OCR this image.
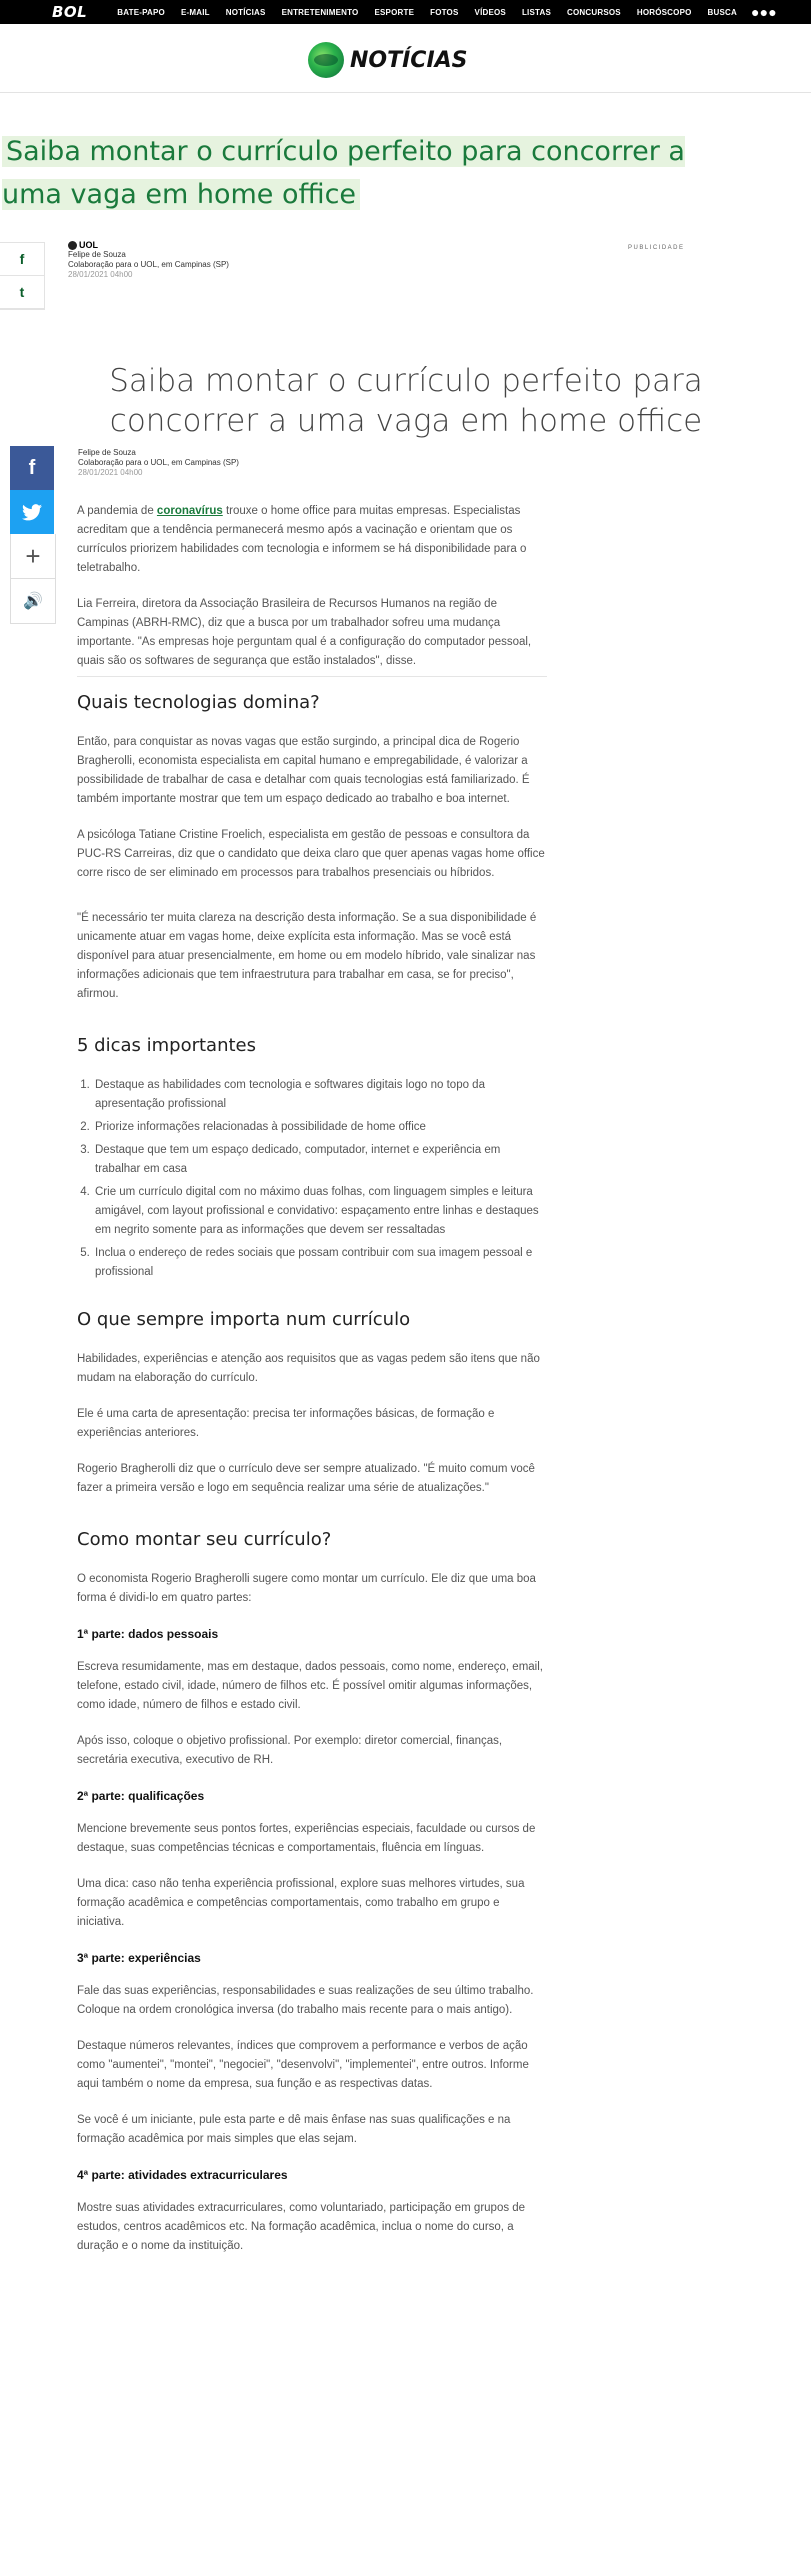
BOL	BATE-PAPO	E-MAIL	NOTÍCIAS	ENTRETENIMENTO	ESPORTE	FOTOS	VÍDEOS	LISTAS	CONCURSOS	HORÓSCOPO	BUSCA	●●●
NOTÍCIAS
Saiba montar o currículo perfeito para concorrer a uma vaga em home office
f
t
UOL
Felipe de Souza
Colaboração para o UOL, em Campinas (SP)
28/01/2021 04h00
PUBLICIDADE
Saiba montar o currículo perfeito para concorrer a uma vaga em home office
f
+
🔊
Felipe de Souza
Colaboração para o UOL, em Campinas (SP)
28/01/2021 04h00

A pandemia de coronavírus trouxe o home office para muitas empresas. Especialistas acreditam que a tendência permanecerá mesmo após a vacinação e orientam que os currículos priorizem habilidades com tecnologia e informem se há disponibilidade para o teletrabalho.

Lia Ferreira, diretora da Associação Brasileira de Recursos Humanos na região de Campinas (ABRH-RMC), diz que a busca por um trabalhador sofreu uma mudança importante. "As empresas hoje perguntam qual é a configuração do computador pessoal, quais são os softwares de segurança que estão instalados", disse.

Quais tecnologias domina?

Então, para conquistar as novas vagas que estão surgindo, a principal dica de Rogerio Bragherolli, economista especialista em capital humano e empregabilidade, é valorizar a possibilidade de trabalhar de casa e detalhar com quais tecnologias está familiarizado. É também importante mostrar que tem um espaço dedicado ao trabalho e boa internet.

A psicóloga Tatiane Cristine Froelich, especialista em gestão de pessoas e consultora da PUC-RS Carreiras, diz que o candidato que deixa claro que quer apenas vagas home office corre risco de ser eliminado em processos para trabalhos presenciais ou híbridos.

"É necessário ter muita clareza na descrição desta informação. Se a sua disponibilidade é unicamente atuar em vagas home, deixe explícita esta informação. Mas se você está disponível para atuar presencialmente, em home ou em modelo híbrido, vale sinalizar nas informações adicionais que tem infraestrutura para trabalhar em casa, se for preciso", afirmou.

5 dicas importantes
1. Destaque as habilidades com tecnologia e softwares digitais logo no topo da apresentação profissional
2. Priorize informações relacionadas à possibilidade de home office
3. Destaque que tem um espaço dedicado, computador, internet e experiência em trabalhar em casa
4. Crie um currículo digital com no máximo duas folhas, com linguagem simples e leitura amigável, com layout profissional e convidativo: espaçamento entre linhas e destaques em negrito somente para as informações que devem ser ressaltadas
5. Inclua o endereço de redes sociais que possam contribuir com sua imagem pessoal e profissional
O que sempre importa num currículo

Habilidades, experiências e atenção aos requisitos que as vagas pedem são itens que não mudam na elaboração do currículo.

Ele é uma carta de apresentação: precisa ter informações básicas, de formação e experiências anteriores.

Rogerio Bragherolli diz que o currículo deve ser sempre atualizado. "É muito comum você fazer a primeira versão e logo em sequência realizar uma série de atualizações."

Como montar seu currículo?

O economista Rogerio Bragherolli sugere como montar um currículo. Ele diz que uma boa forma é dividi-lo em quatro partes:

1ª parte: dados pessoais

Escreva resumidamente, mas em destaque, dados pessoais, como nome, endereço, email, telefone, estado civil, idade, número de filhos etc. É possível omitir algumas informações, como idade, número de filhos e estado civil.

Após isso, coloque o objetivo profissional. Por exemplo: diretor comercial, finanças, secretária executiva, executivo de RH.

2ª parte: qualificações

Mencione brevemente seus pontos fortes, experiências especiais, faculdade ou cursos de destaque, suas competências técnicas e comportamentais, fluência em línguas.

Uma dica: caso não tenha experiência profissional, explore suas melhores virtudes, sua formação acadêmica e competências comportamentais, como trabalho em grupo e iniciativa.

3ª parte: experiências

Fale das suas experiências, responsabilidades e suas realizações de seu último trabalho. Coloque na ordem cronológica inversa (do trabalho mais recente para o mais antigo).

Destaque números relevantes, índices que comprovem a performance e verbos de ação como "aumentei", "montei", "negociei", "desenvolvi", "implementei", entre outros. Informe aqui também o nome da empresa, sua função e as respectivas datas.

Se você é um iniciante, pule esta parte e dê mais ênfase nas suas qualificações e na formação acadêmica por mais simples que elas sejam.

4ª parte: atividades extracurriculares

Mostre suas atividades extracurriculares, como voluntariado, participação em grupos de estudos, centros acadêmicos etc. Na formação acadêmica, inclua o nome do curso, a duração e o nome da instituição.
